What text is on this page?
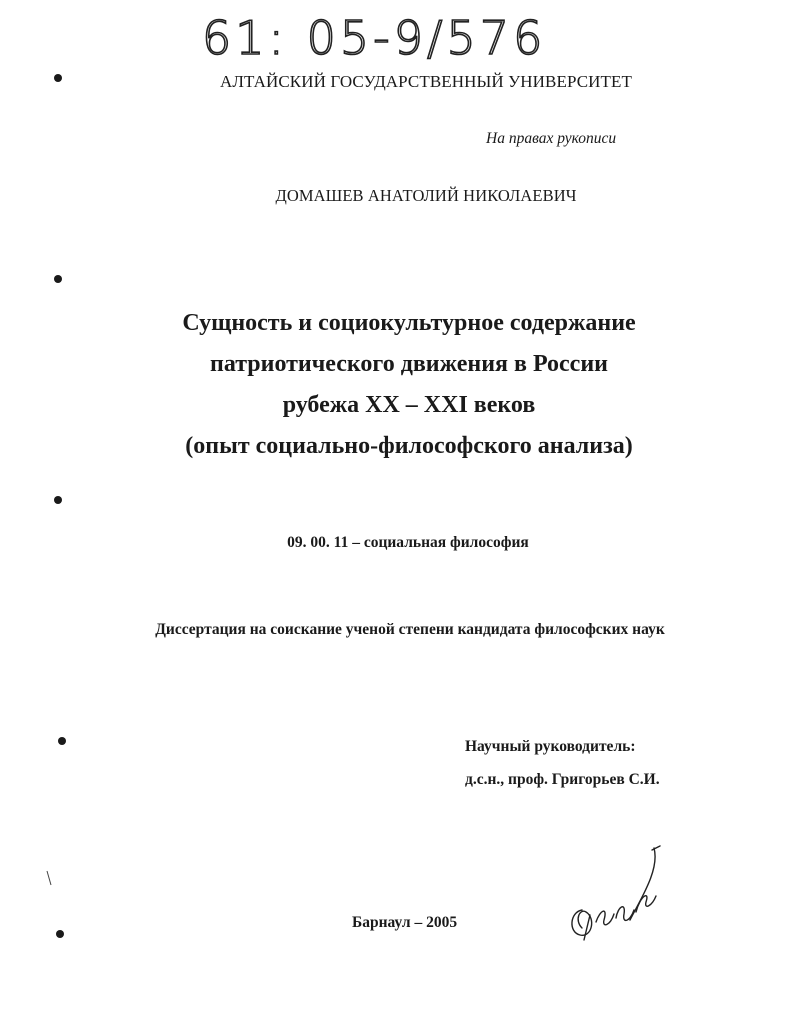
61: 05-9/576
АЛТАЙСКИЙ ГОСУДАРСТВЕННЫЙ УНИВЕРСИТЕТ
На правах рукописи
ДОМАШЕВ АНАТОЛИЙ НИКОЛАЕВИЧ
Сущность и социокультурное содержание
патриотического движения в России
рубежа XX – XXI веков
(опыт социально-философского анализа)
09. 00. 11 – социальная философия
Диссертация на соискание ученой степени кандидата философских наук
Научный руководитель:
д.с.н., проф. Григорьев С.И.
Барнаул – 2005
